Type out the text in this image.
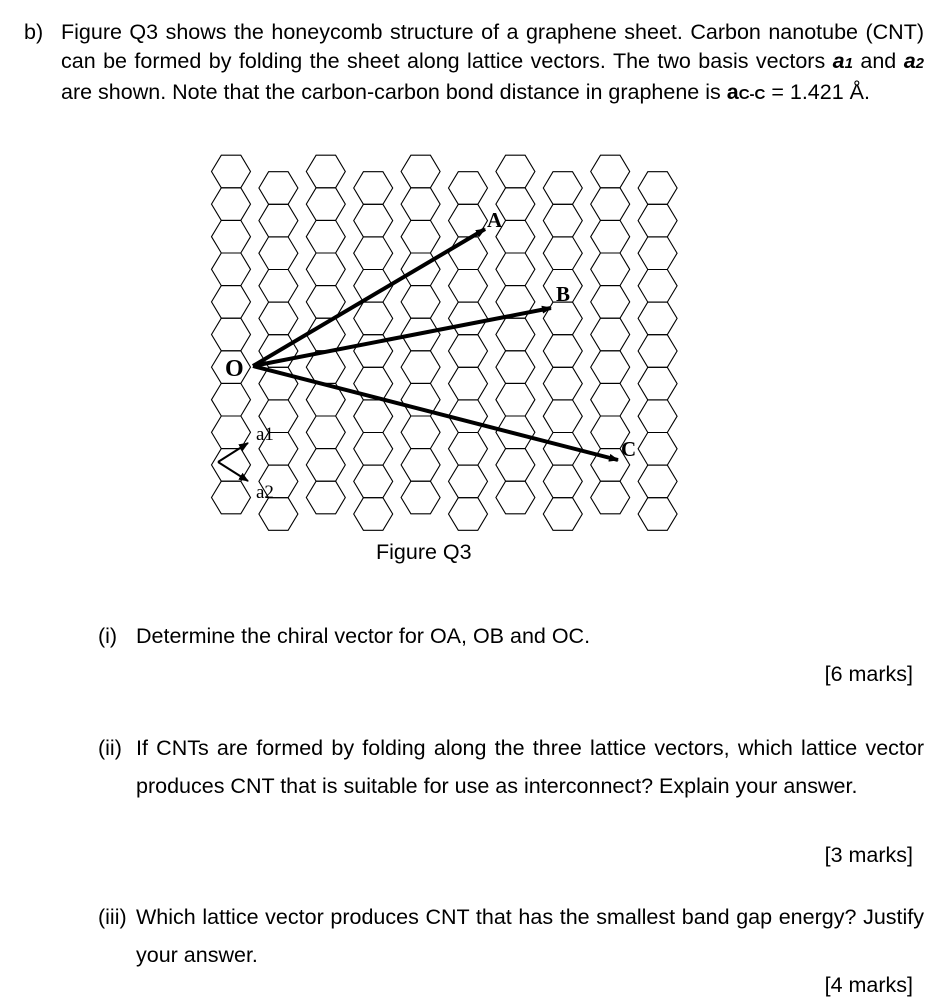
b) Figure Q3 shows the honeycomb structure of a graphene sheet. Carbon nanotube (CNT) can be formed by folding the sheet along lattice vectors. The two basis vectors a1 and a2 are shown. Note that the carbon-carbon bond distance in graphene is aC-C = 1.421 Å.
O
A
B
C
a1
a2
Figure Q3
(i) Determine the chiral vector for OA, OB and OC.
[6 marks]
(ii) If CNTs are formed by folding along the three lattice vectors, which lattice vector produces CNT that is suitable for use as interconnect? Explain your answer.
[3 marks]
(iii) Which lattice vector produces CNT that has the smallest band gap energy? Justify your answer.
[4 marks]
